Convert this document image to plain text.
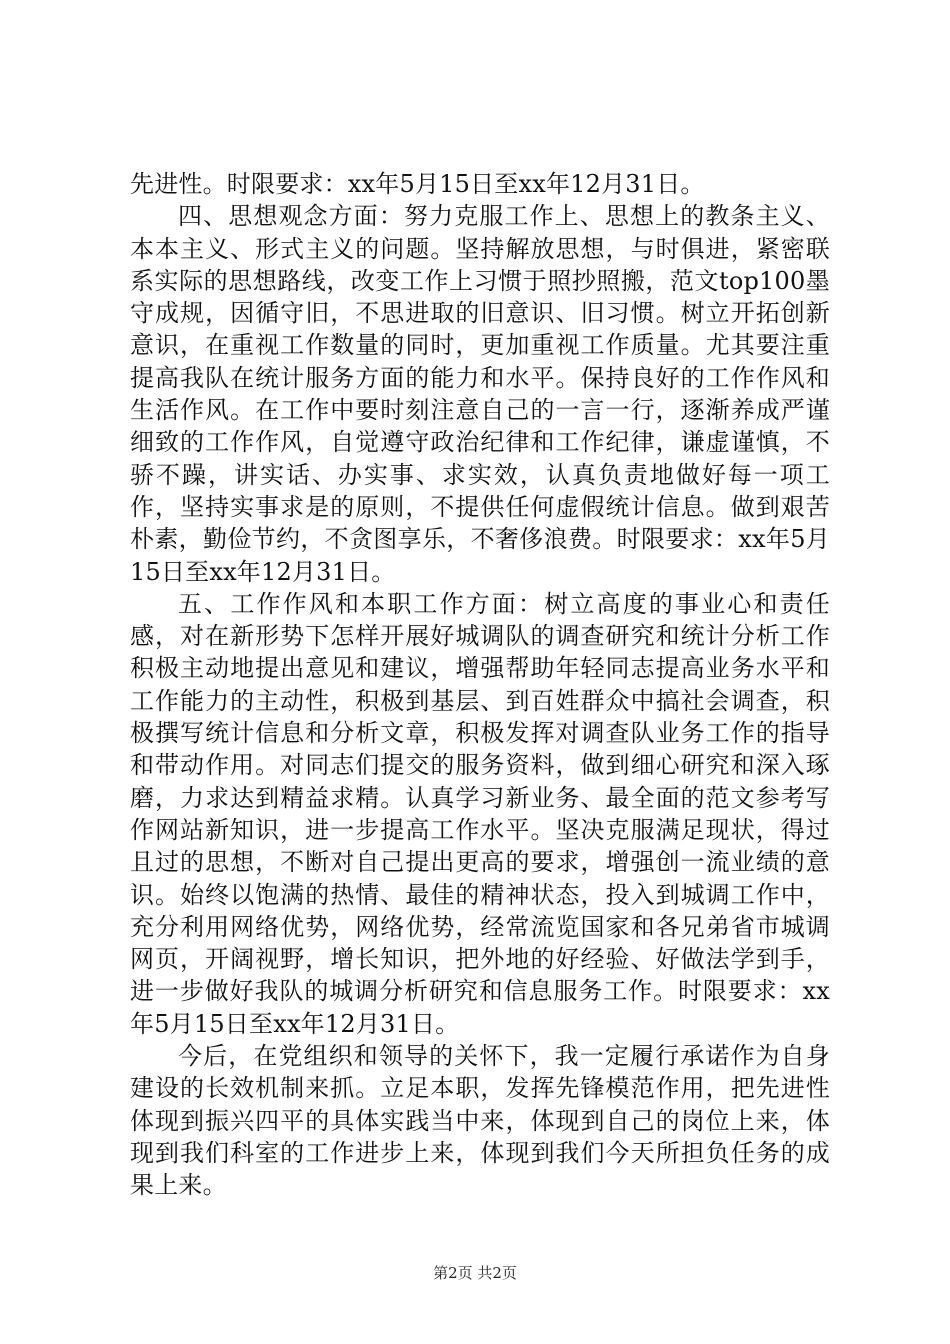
先进性。时限要求：xx年5月15日至xx年12月31日。

四、思想观念方面：努力克服工作上、思想上的教条主义、本本主义、形式主义的问题。坚持解放思想，与时俱进，紧密联系实际的思想路线，改变工作上习惯于照抄照搬，范文top100墨守成规，因循守旧，不思进取的旧意识、旧习惯。树立开拓创新意识，在重视工作数量的同时，更加重视工作质量。尤其要注重提高我队在统计服务方面的能力和水平。保持良好的工作作风和生活作风。在工作中要时刻注意自己的一言一行，逐渐养成严谨细致的工作作风，自觉遵守政治纪律和工作纪律，谦虚谨慎，不骄不躁，讲实话、办实事、求实效，认真负责地做好每一项工作，坚持实事求是的原则，不提供任何虚假统计信息。做到艰苦朴素，勤俭节约，不贪图享乐，不奢侈浪费。时限要求：xx年5月15日至xx年12月31日。

五、工作作风和本职工作方面：树立高度的事业心和责任感，对在新形势下怎样开展好城调队的调查研究和统计分析工作积极主动地提出意见和建议，增强帮助年轻同志提高业务水平和工作能力的主动性，积极到基层、到百姓群众中搞社会调查，积极撰写统计信息和分析文章，积极发挥对调查队业务工作的指导和带动作用。对同志们提交的服务资料，做到细心研究和深入琢磨，力求达到精益求精。认真学习新业务、最全面的范文参考写作网站新知识，进一步提高工作水平。坚决克服满足现状，得过且过的思想，不断对自己提出更高的要求，增强创一流业绩的意识。始终以饱满的热情、最佳的精神状态，投入到城调工作中，充分利用网络优势，网络优势，经常流览国家和各兄弟省市城调网页，开阔视野，增长知识，把外地的好经验、好做法学到手，进一步做好我队的城调分析研究和信息服务工作。时限要求：xx年5月15日至xx年12月31日。

今后，在党组织和领导的关怀下，我一定履行承诺作为自身建设的长效机制来抓。立足本职，发挥先锋模范作用，把先进性体现到振兴四平的具体实践当中来，体现到自己的岗位上来，体现到我们科室的工作进步上来，体现到我们今天所担负任务的成果上来。

第2页 共2页
